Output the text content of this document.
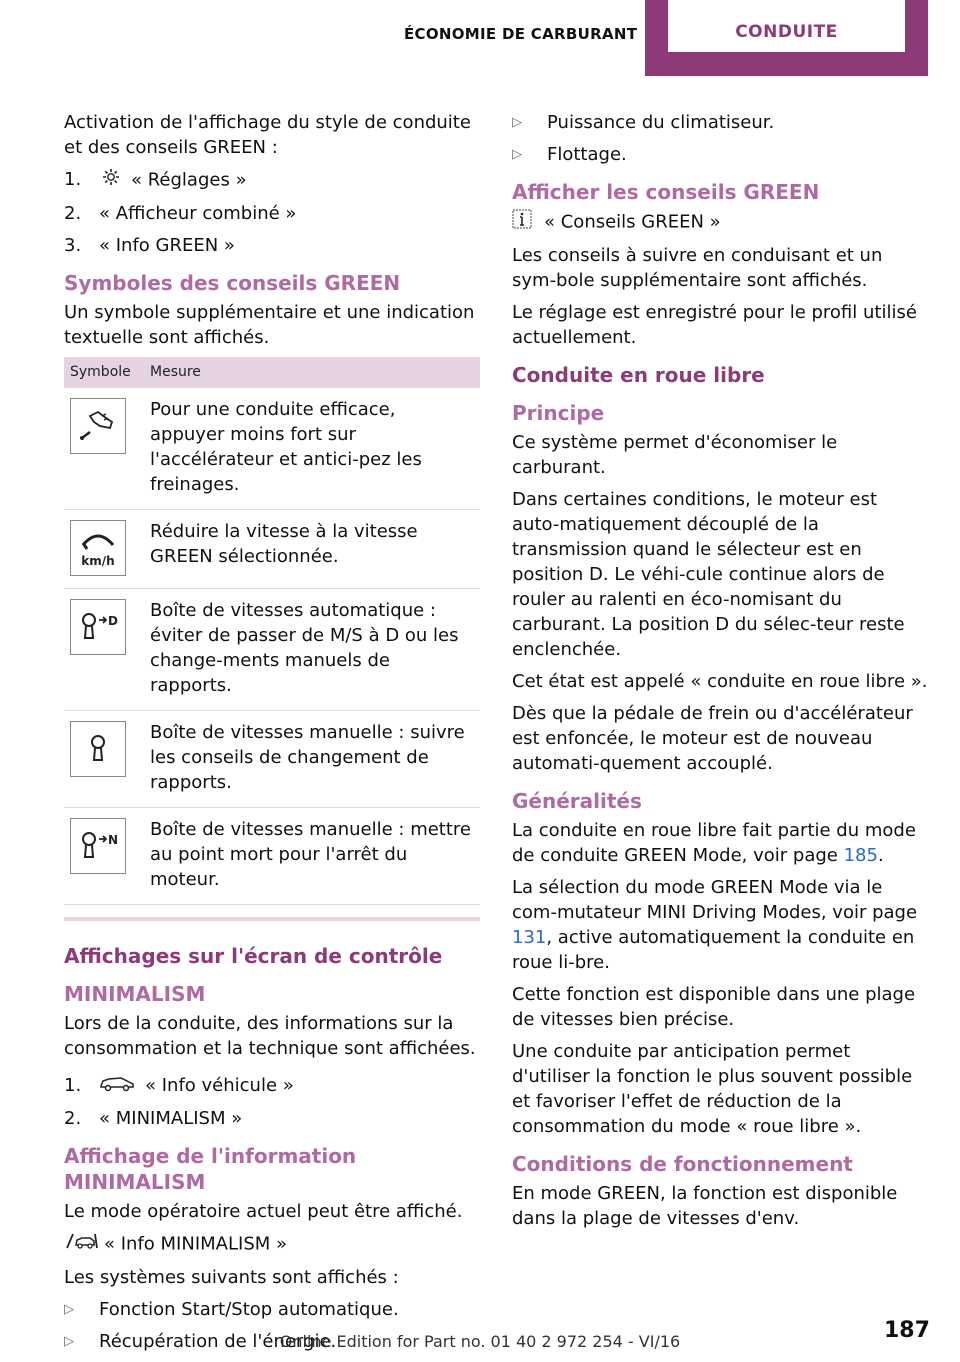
ÉCONOMIE DE CARBURANT	CONDUITE

Activation de l'affichage du style de conduite et des conseils GREEN :

1.	« Réglages »
2. « Afficheur combiné »
3. « Info GREEN »
Symboles des conseils GREEN

Un symbole supplémentaire et une indication textuelle sont affichés.

Symbole	Mesure

	Pour une conduite efficace, appuyer moins fort sur l'accélérateur et antici-pez les freinages.

km/h	Réduire la vitesse à la vitesse GREEN sélectionnée.

D	Boîte de vitesses automatique : éviter de passer de M/S à D ou les change-ments manuels de rapports.

	Boîte de vitesses manuelle : suivre les conseils de changement de rapports.

N	Boîte de vitesses manuelle : mettre au point mort pour l'arrêt du moteur.
Affichages sur l'écran de contrôle
MINIMALISM

Lors de la conduite, des informations sur la consommation et la technique sont affichées.

1.	« Info véhicule »
2. « MINIMALISM »
Affichage de l'information MINIMALISM

Le mode opératoire actuel peut être affiché.

« Info MINIMALISM »

Les systèmes suivants sont affichés :

▷	Fonction Start/Stop automatique.
▷	Récupération de l'énergie.
▷	Puissance du climatiseur.
▷	Flottage.
Afficher les conseils GREEN

« Conseils GREEN »

Les conseils à suivre en conduisant et un sym-bole supplémentaire sont affichés.

Le réglage est enregistré pour le profil utilisé actuellement.

Conduite en roue libre
Principe

Ce système permet d'économiser le carburant.

Dans certaines conditions, le moteur est auto-matiquement découplé de la transmission quand le sélecteur est en position D. Le véhi-cule continue alors de rouler au ralenti en éco-nomisant du carburant. La position D du sélec-teur reste enclenchée.

Cet état est appelé « conduite en roue libre ».

Dès que la pédale de frein ou d'accélérateur est enfoncée, le moteur est de nouveau automati-quement accouplé.

Généralités

La conduite en roue libre fait partie du mode de conduite GREEN Mode, voir page 185.

La sélection du mode GREEN Mode via le com-mutateur MINI Driving Modes, voir page 131, active automatiquement la conduite en roue li-bre.

Cette fonction est disponible dans une plage de vitesses bien précise.

Une conduite par anticipation permet d'utiliser la fonction le plus souvent possible et favoriser l'effet de réduction de la consommation du mode « roue libre ».

Conditions de fonctionnement

En mode GREEN, la fonction est disponible dans la plage de vitesses d'env.

Online Edition for Part no. 01 40 2 972 254 - VI/16	187
